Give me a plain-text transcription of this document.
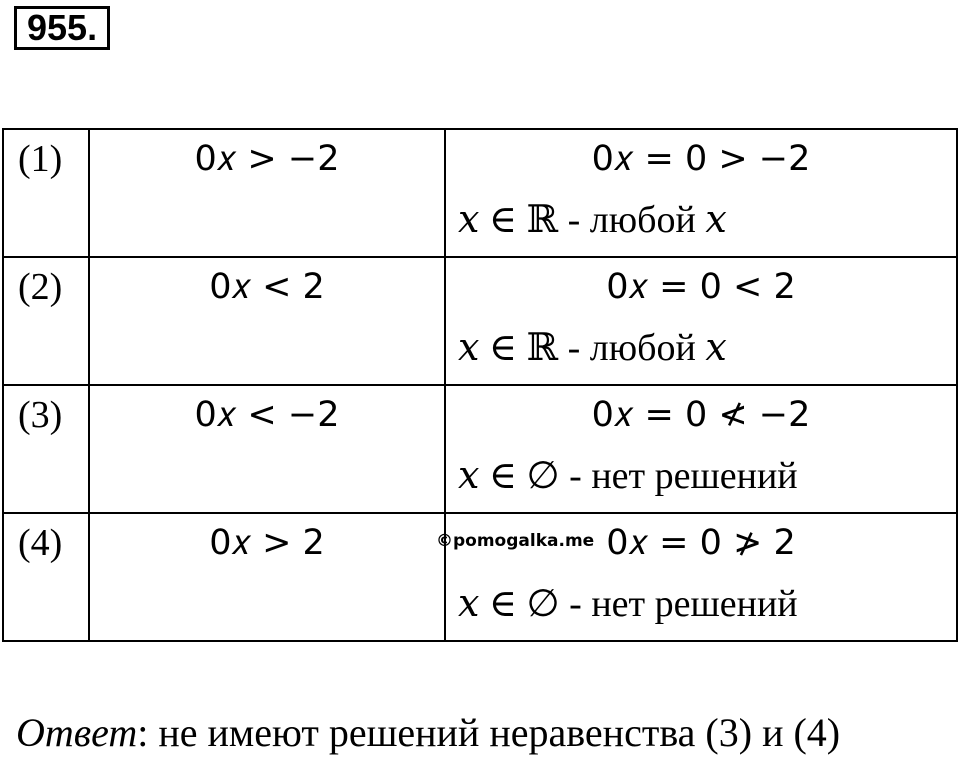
955.
(1)	0𝑥 > −2	0𝑥 = 0 > −2
𝑥 ∈ ℝ - любой 𝑥

(2)	0𝑥 < 2	0𝑥 = 0 < 2
𝑥 ∈ ℝ - любой 𝑥

(3)	0𝑥 < −2	0𝑥 = 0 ≮ −2
𝑥 ∈ ∅ - нет решений

(4)	0𝑥 > 2	0𝑥 = 0 ≯ 2
𝑥 ∈ ∅ - нет решений
©pomogalka.me
Ответ: не имеют решений неравенства (3) и (4)
